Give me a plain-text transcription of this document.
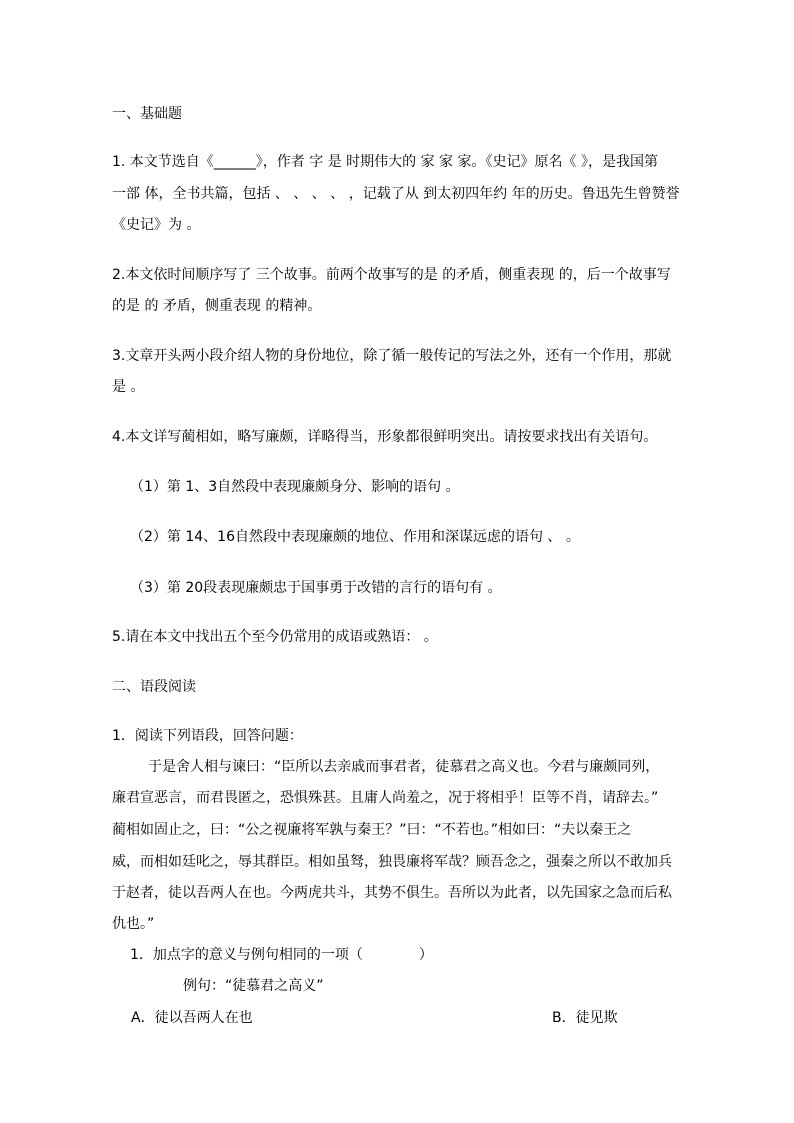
一、基础题
1. 本文节选自《______》，作者 字 是 时期伟大的 家 家 家。《史记》原名《 》，是我国第
一部 体，全书共篇，包括 、 、 、 、 ，记载了从 到太初四年约 年的历史。鲁迅先生曾赞誉
《史记》为 。
2.本文依时间顺序写了 三个故事。前两个故事写的是 的矛盾，侧重表现 的，后一个故事写
的是 的 矛盾，侧重表现 的精神。
3.文章开头两小段介绍人物的身份地位，除了循一般传记的写法之外，还有一个作用，那就
是 。
4.本文详写蔺相如，略写廉颇，详略得当，形象都很鲜明突出。请按要求找出有关语句。
（1）第 1、3自然段中表现廉颇身分、影响的语句 。
（2）第 14、16自然段中表现廉颇的地位、作用和深谋远虑的语句 、 。
（3）第 20段表现廉颇忠于国事勇于改错的言行的语句有 。
5.请在本文中找出五个至今仍常用的成语或熟语： 。
二、语段阅读
1．阅读下列语段，回答问题：
于是舍人相与谏曰：“臣所以去亲戚而事君者，徒慕君之高义也。今君与廉颇同列，
廉君宣恶言，而君畏匿之，恐惧殊甚。且庸人尚羞之，况于将相乎！臣等不肖，请辞去。”
蔺相如固止之，曰：“公之视廉将军孰与秦王？”曰：“不若也。”相如曰：“夫以秦王之
威，而相如廷叱之，辱其群臣。相如虽驽，独畏廉将军哉？顾吾念之，强秦之所以不敢加兵
于赵者，徒以吾两人在也。今两虎共斗，其势不俱生。吾所以为此者，以先国家之急而后私
仇也。”
1．加点字的意义与例句相同的一项（　　　　）
例句：“徒慕君之高义”
A．徒以吾两人在也	B．徒见欺
